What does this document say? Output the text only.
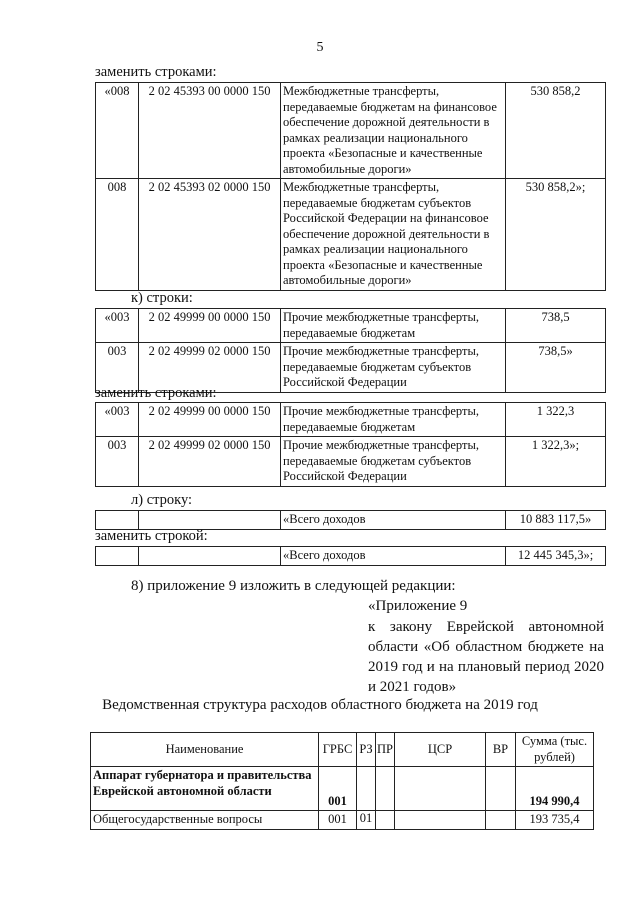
5
заменить строками:
«008	2 02 45393 00 0000 150	Межбюджетные трансферты, передаваемые бюджетам на финансовое обеспечение дорожной деятельности в рамках реализации национального проекта «Безопасные и качественные автомобильные дороги»	530 858,2
008	2 02 45393 02 0000 150	Межбюджетные трансферты, передаваемые бюджетам субъектов Российской Федерации на финансовое обеспечение дорожной деятельности в рамках реализации национального проекта «Безопасные и качественные автомобильные дороги»	530 858,2»;
к) строки:
«003	2 02 49999 00 0000 150	Прочие межбюджетные трансферты, передаваемые бюджетам	738,5
003	2 02 49999 02 0000 150	Прочие межбюджетные трансферты, передаваемые бюджетам субъектов Российской Федерации	738,5»
заменить строками:
«003	2 02 49999 00 0000 150	Прочие межбюджетные трансферты, передаваемые бюджетам	1 322,3
003	2 02 49999 02 0000 150	Прочие межбюджетные трансферты, передаваемые бюджетам субъектов Российской Федерации	1 322,3»;
л) строку:
		«Всего доходов	10 883 117,5»
заменить строкой:
		«Всего доходов	12 445 345,3»;
8) приложение 9 изложить в следующей редакции:
«Приложение 9
к закону Еврейской автономной области «Об областном бюджете на 2019 год и на плановый период 2020 и 2021 годов»
Ведомственная структура расходов областного бюджета на 2019 год
Наименование	ГРБС	РЗ	ПР	ЦСР	ВР	Сумма (тыс. рублей)
Аппарат губернатора и правительства Еврейской автономной области	001					194 990,4
Общегосударственные вопросы	001	01				193 735,4
